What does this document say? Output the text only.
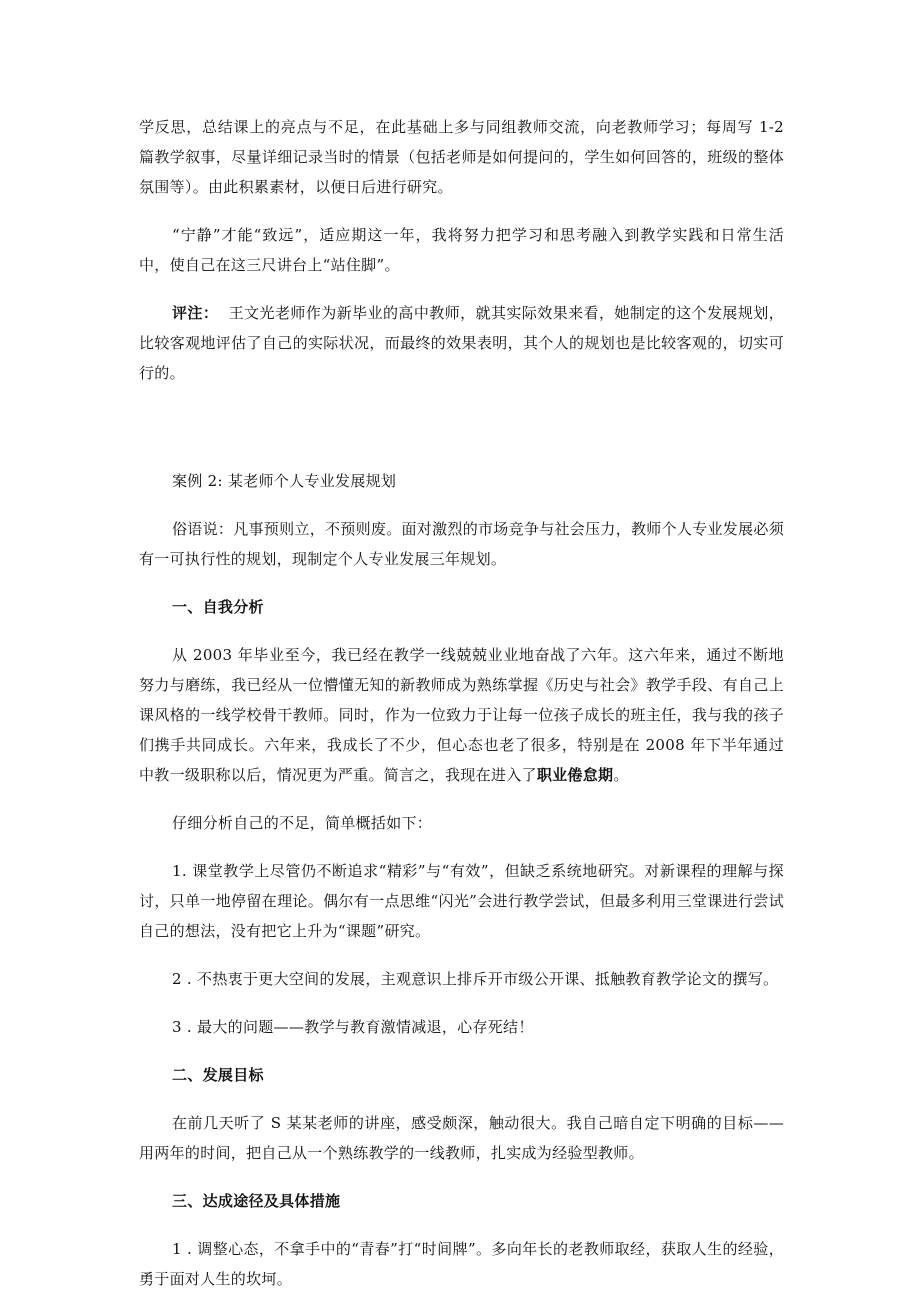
学反思，总结课上的亮点与不足，在此基础上多与同组教师交流，向老教师学习；每周写 1-2 篇教学叙事，尽量详细记录当时的情景（包括老师是如何提问的，学生如何回答的，班级的整体氛围等）。由此积累素材，以便日后进行研究。

“宁静”才能“致远”，适应期这一年，我将努力把学习和思考融入到教学实践和日常生活中，使自己在这三尺讲台上“站住脚”。

评注： 王文光老师作为新毕业的高中教师，就其实际效果来看，她制定的这个发展规划，比较客观地评估了自己的实际状况，而最终的效果表明，其个人的规划也是比较客观的，切实可行的。

案例 2: 某老师个人专业发展规划

俗语说：凡事预则立，不预则废。面对激烈的市场竞争与社会压力，教师个人专业发展必须有一可执行性的规划，现制定个人专业发展三年规划。

一、自我分析

从 2003 年毕业至今，我已经在教学一线兢兢业业地奋战了六年。这六年来，通过不断地努力与磨练，我已经从一位懵懂无知的新教师成为熟练掌握《历史与社会》教学手段、有自己上课风格的一线学校骨干教师。同时，作为一位致力于让每一位孩子成长的班主任，我与我的孩子们携手共同成长。六年来，我成长了不少，但心态也老了很多，特别是在 2008 年下半年通过中教一级职称以后，情况更为严重。简言之，我现在进入了职业倦怠期。

仔细分析自己的不足，简单概括如下：

1. 课堂教学上尽管仍不断追求“精彩”与“有效”，但缺乏系统地研究。对新课程的理解与探讨，只单一地停留在理论。偶尔有一点思维“闪光”会进行教学尝试，但最多利用三堂课进行尝试自己的想法，没有把它上升为“课题”研究。

2 . 不热衷于更大空间的发展，主观意识上排斥开市级公开课、抵触教育教学论文的撰写。

3 . 最大的问题——教学与教育激情减退，心存死结！

二、发展目标

在前几天听了 S 某某老师的讲座，感受颇深，触动很大。我自己暗自定下明确的目标——用两年的时间，把自己从一个熟练教学的一线教师，扎实成为经验型教师。

三、达成途径及具体措施

1 . 调整心态，不拿手中的“青春”打“时间牌”。多向年长的老教师取经，获取人生的经验，勇于面对人生的坎坷。
